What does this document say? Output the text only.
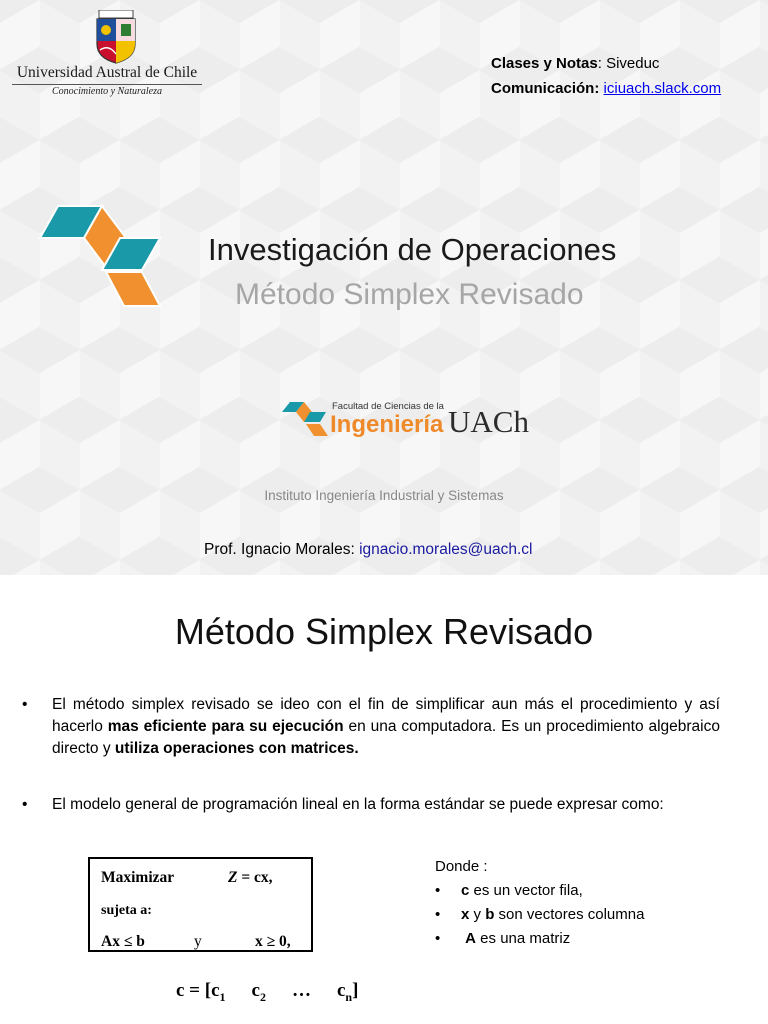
Universidad Austral de Chile
Conocimiento y Naturaleza
Clases y Notas: Siveduc
Comunicación: iciuach.slack.com
Investigación de Operaciones
Método Simplex Revisado
Facultad de Ciencias de la
Ingeniería UACh
Instituto Ingeniería Industrial y Sistemas
Prof. Ignacio Morales: ignacio.morales@uach.cl
Método Simplex Revisado
• El método simplex revisado se ideo con el fin de simplificar aun más el procedimiento y así hacerlo mas eficiente para su ejecución en una computadora. Es un procedimiento algebraico directo y utiliza operaciones con matrices.
• El modelo general de programación lineal en la forma estándar se puede expresar como:
Maximizar	Z = cx,
sujeta a:
Ax ≤ b	y	x ≥ 0,
Donde :
• c es un vector fila,
• x y b son vectores columna
• A es una matriz
$c = [c_1$ $c_2$ … $c_n$]
